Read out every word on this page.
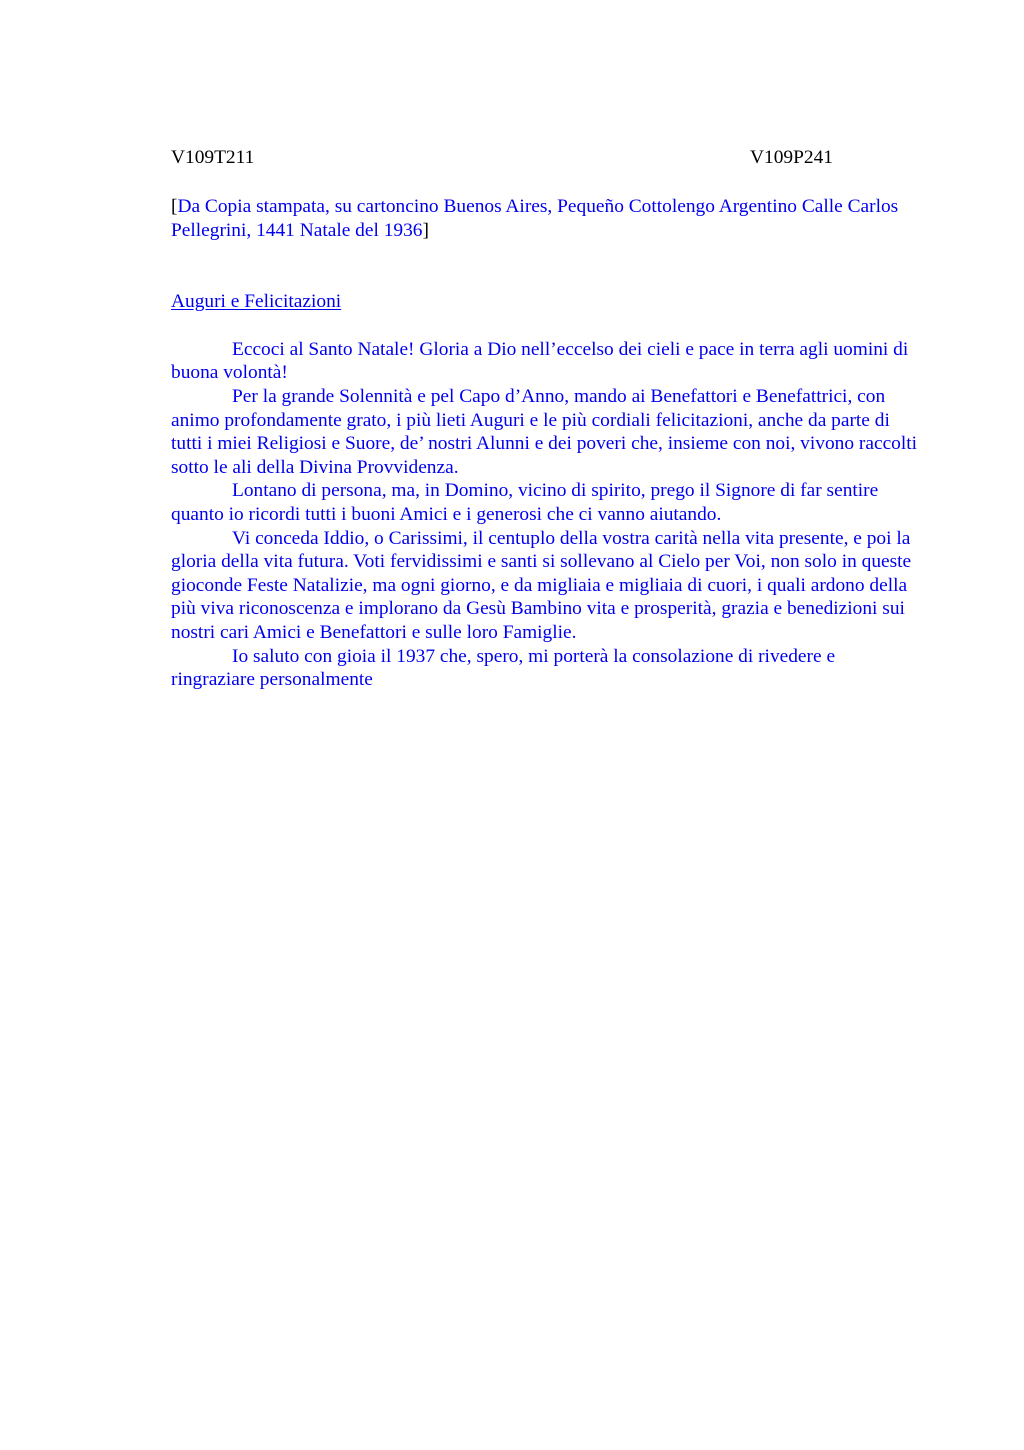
V109T211	V109P241
[Da Copia stampata, su cartoncino Buenos Aires, Pequeño Cottolengo Argentino Calle Carlos Pellegrini, 1441 Natale del 1936]
Auguri e Felicitazioni

Eccoci al Santo Natale! Gloria a Dio nell’eccelso dei cieli e pace in terra agli uomini di buona volontà!

Per la grande Solennità e pel Capo d’Anno, mando ai Benefattori e Benefattrici, con animo profondamente grato, i più lieti Auguri e le più cordiali felicitazioni, anche da parte di tutti i miei Religiosi e Suore, de’ nostri Alunni e dei poveri che, insieme con noi, vivono raccolti sotto le ali della Divina Provvidenza.

Lontano di persona, ma, in Domino, vicino di spirito, prego il Signore di far sentire quanto io ricordi tutti i buoni Amici e i generosi che ci vanno aiutando.

Vi conceda Iddio, o Carissimi, il centuplo della vostra carità nella vita presente, e poi la gloria della vita futura. Voti fervidissimi e santi si sollevano al Cielo per Voi, non solo in queste gioconde Feste Natalizie, ma ogni giorno, e da migliaia e migliaia di cuori, i quali ardono della più viva riconoscenza e implorano da Gesù Bambino vita e prosperità, grazia e benedizioni sui nostri cari Amici e Benefattori e sulle loro Famiglie.

Io saluto con gioia il 1937 che, spero, mi porterà la consolazione di rivedere e ringraziare personalmente
